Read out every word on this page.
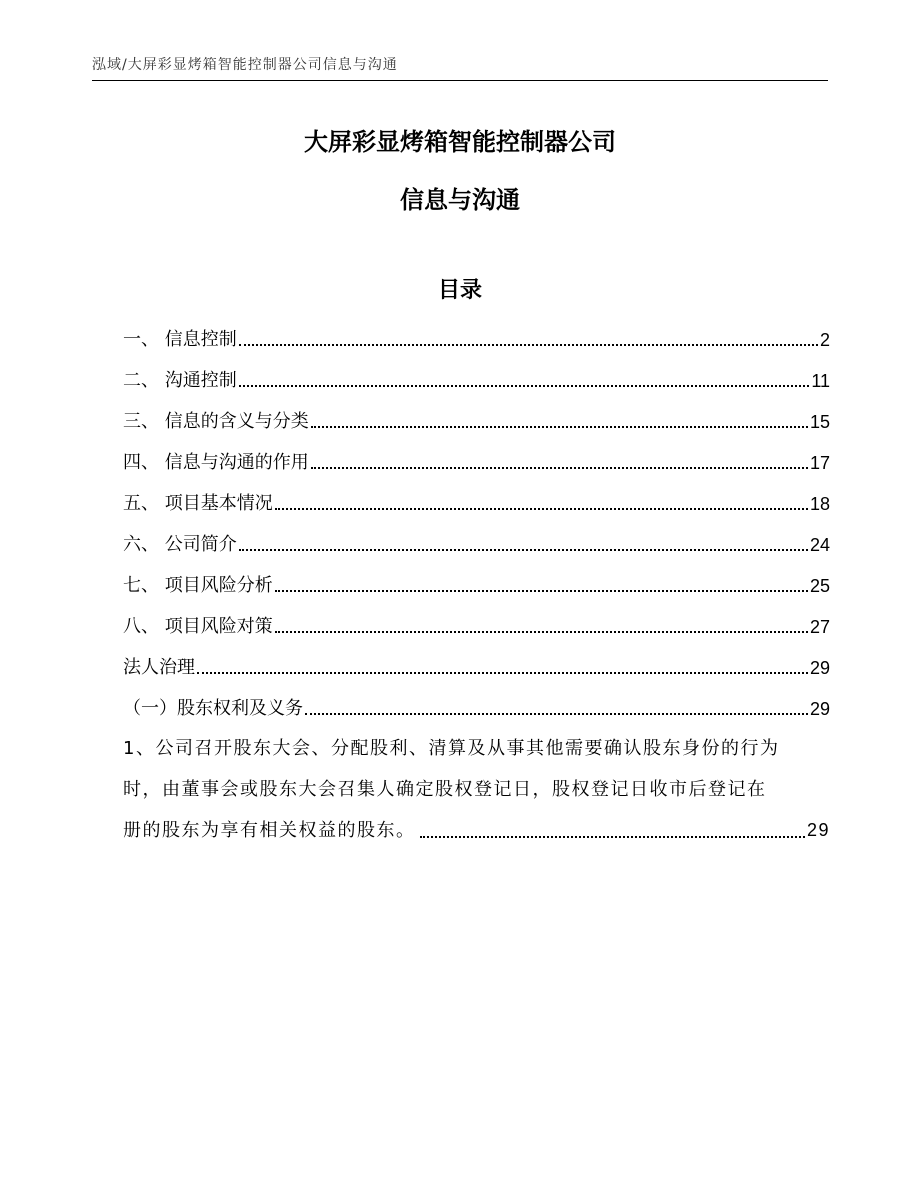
泓域/大屏彩显烤箱智能控制器公司信息与沟通
大屏彩显烤箱智能控制器公司
信息与沟通
目录
一、 信息控制	2
二、 沟通控制	11
三、 信息的含义与分类	15
四、 信息与沟通的作用	17
五、 项目基本情况	18
六、 公司简介	24
七、 项目风险分析	25
八、 项目风险对策	27
法人治理	29
（一）股东权利及义务	29
1、公司召开股东大会、分配股利、清算及从事其他需要确认股东身份的行为
时，由董事会或股东大会召集人确定股权登记日，股权登记日收市后登记在
册的股东为享有相关权益的股东。	29
